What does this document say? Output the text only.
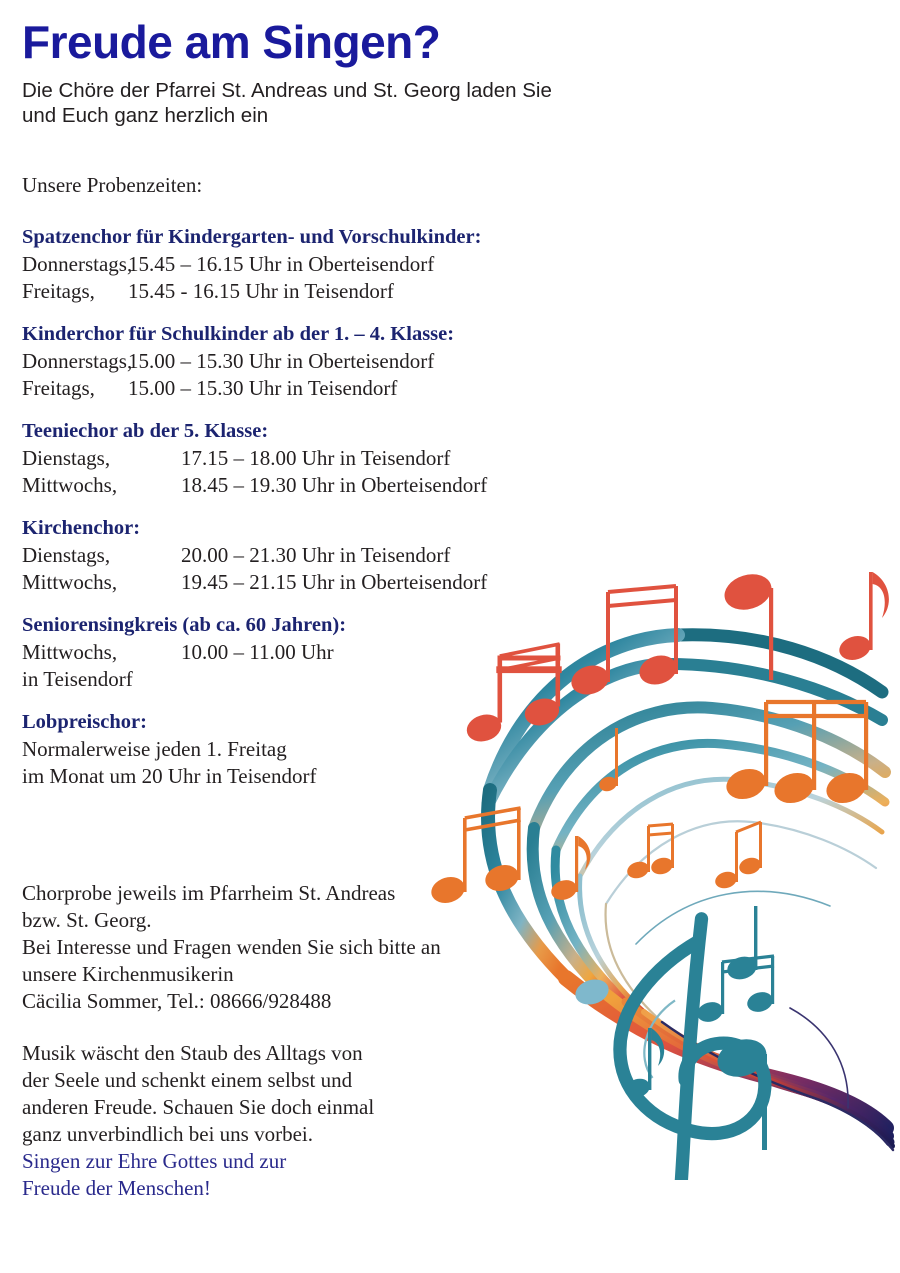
Freude am Singen?
Die Chöre der Pfarrei St. Andreas und St. Georg laden Sie
und Euch ganz herzlich ein
Unsere Probenzeiten:
Spatzenchor für Kindergarten- und Vorschulkinder:
Donnerstags,15.45 – 16.15 Uhr in Oberteisendorf
Freitags, 15.45 - 16.15 Uhr in Teisendorf
Kinderchor für Schulkinder ab der 1. – 4. Klasse:
Donnerstags,15.00 – 15.30 Uhr in Oberteisendorf
Freitags, 15.00 – 15.30 Uhr in Teisendorf
Teeniechor ab der 5. Klasse:
Dienstags,	17.15 – 18.00 Uhr in Teisendorf
Mittwochs,	18.45 – 19.30 Uhr in Oberteisendorf
Kirchenchor:
Dienstags,	20.00 – 21.30 Uhr in Teisendorf
Mittwochs,	19.45 – 21.15 Uhr in Oberteisendorf
Seniorensingkreis (ab ca. 60 Jahren):
Mittwochs,	10.00 – 11.00 Uhr
in Teisendorf
Lobpreischor:
Normalerweise jeden 1. Freitag
im Monat um 20 Uhr in Teisendorf

Chorprobe jeweils im Pfarrheim St. Andreas

bzw. St. Georg.

Bei Interesse und Fragen wenden Sie sich bitte an

unsere Kirchenmusikerin

Cäcilia Sommer, Tel.: 08666/928488

Musik wäscht den Staub des Alltags von

der Seele und schenkt einem selbst und

anderen Freude. Schauen Sie doch einmal

ganz unverbindlich bei uns vorbei.

Singen zur Ehre Gottes und zur

Freude der Menschen!
